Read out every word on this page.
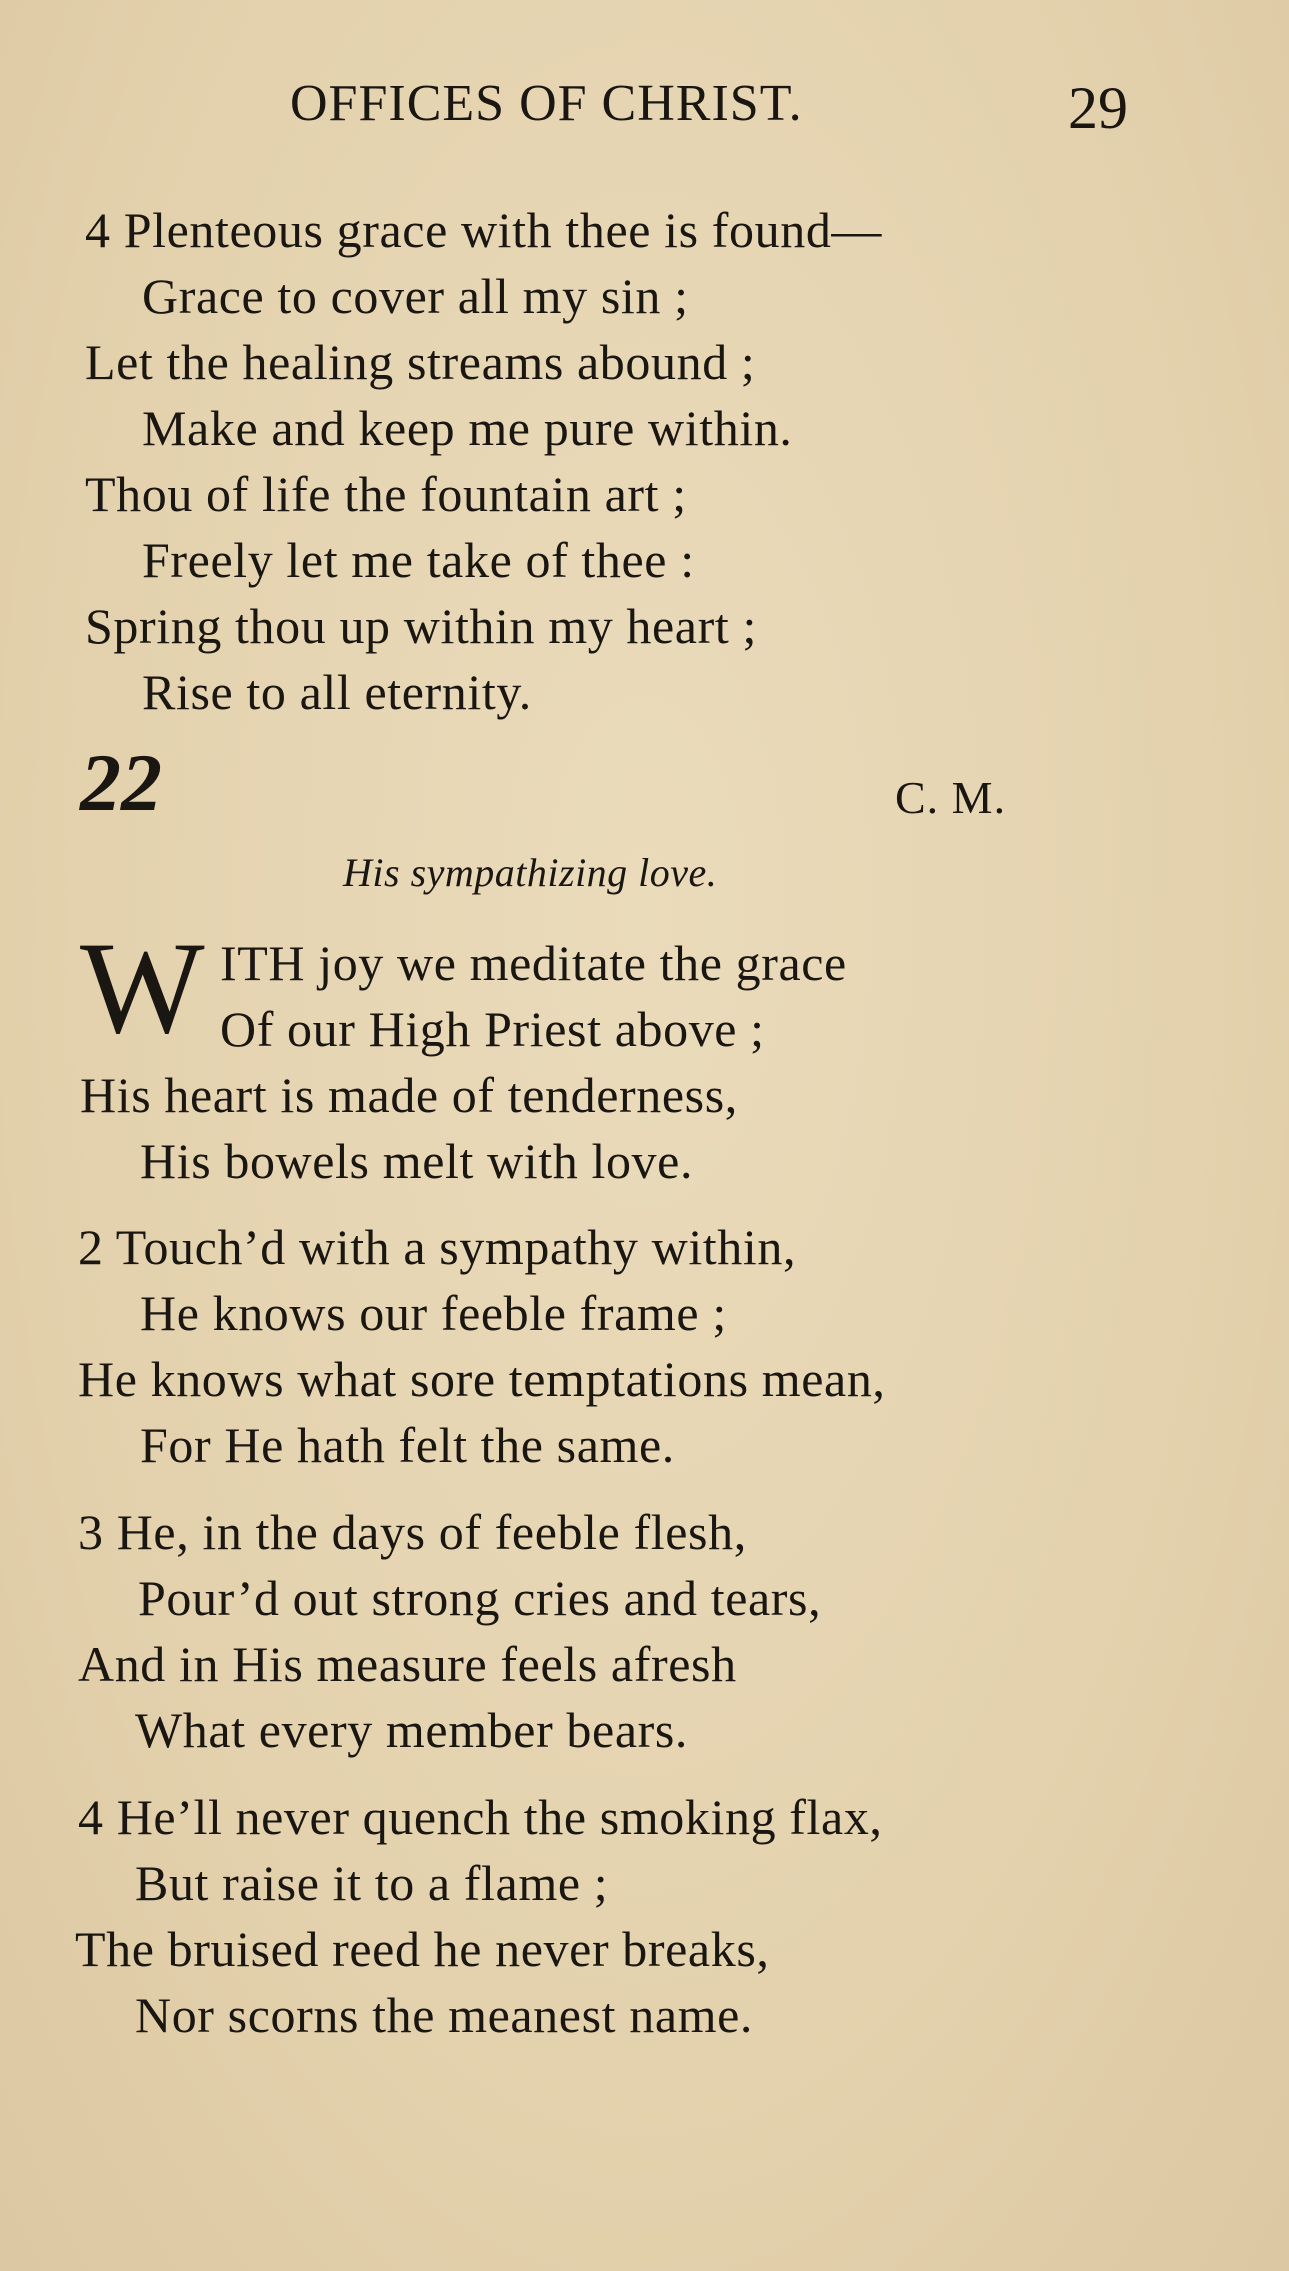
OFFICES OF CHRIST.	29
4 Plenteous grace with thee is found—
Grace to cover all my sin ;
Let the healing streams abound ;
Make and keep me pure within.
Thou of life the fountain art ;
Freely let me take of thee :
Spring thou up within my heart ;
Rise to all eternity.
22	C. M.
His sympathizing love.
W ITH joy we meditate the grace
Of our High Priest above ;
His heart is made of tenderness,
His bowels melt with love.
2 Touch’d with a sympathy within,
He knows our feeble frame ;
He knows what sore temptations mean,
For He hath felt the same.
3 He, in the days of feeble flesh,
Pour’d out strong cries and tears,
And in His measure feels afresh
What every member bears.
4 He’ll never quench the smoking flax,
But raise it to a flame ;
The bruised reed he never breaks,
Nor scorns the meanest name.
